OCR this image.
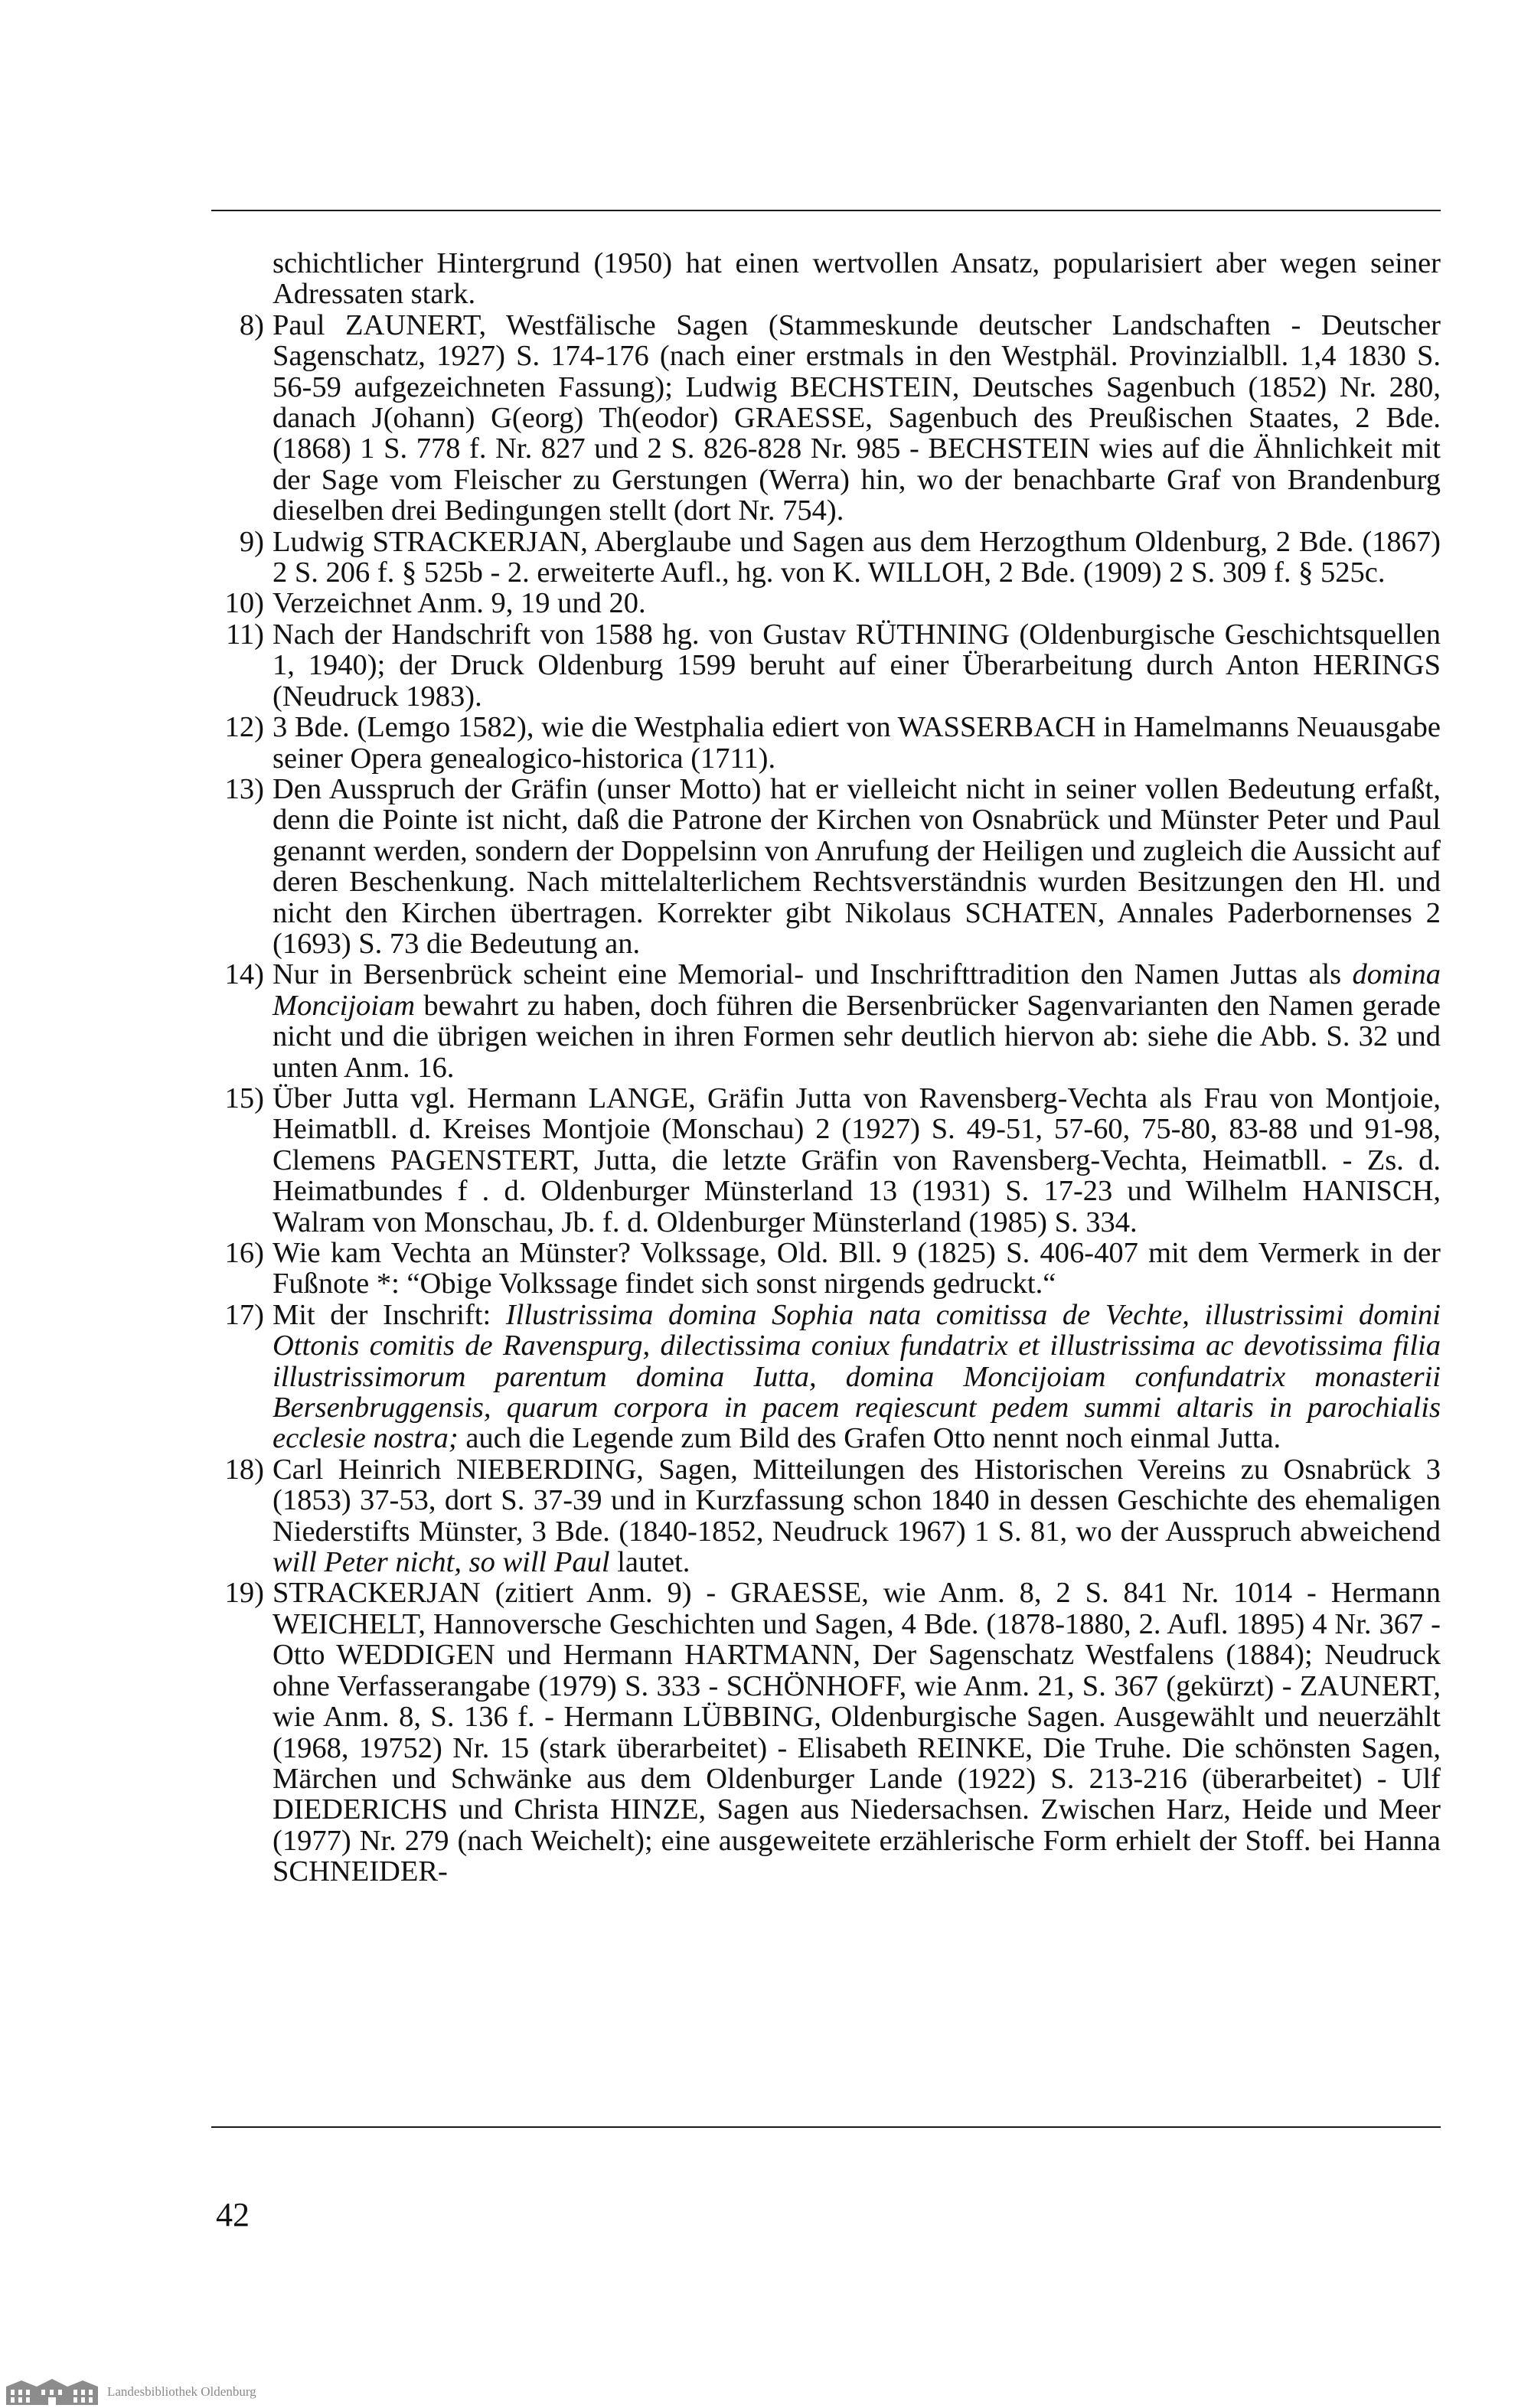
schichtlicher Hintergrund (1950) hat einen wertvollen Ansatz, popularisiert aber wegen seiner Adressaten stark.
8) Paul ZAUNERT, Westfälische Sagen (Stammeskunde deutscher Landschaften - Deutscher Sagenschatz, 1927) S. 174-176 (nach einer erstmals in den Westphäl. Provinzialbll. 1,4 1830 S. 56-59 aufgezeichneten Fassung); Ludwig BECHSTEIN, Deutsches Sagenbuch (1852) Nr. 280, danach J(ohann) G(eorg) Th(eodor) GRAESSE, Sagenbuch des Preußischen Staates, 2 Bde. (1868) 1 S. 778 f. Nr. 827 und 2 S. 826-828 Nr. 985 - BECHSTEIN wies auf die Ähnlichkeit mit der Sage vom Fleischer zu Gerstungen (Werra) hin, wo der benachbarte Graf von Brandenburg dieselben drei Bedingungen stellt (dort Nr. 754).
9) Ludwig STRACKERJAN, Aberglaube und Sagen aus dem Herzogthum Oldenburg, 2 Bde. (1867) 2 S. 206 f. § 525b - 2. erweiterte Aufl., hg. von K. WILLOH, 2 Bde. (1909) 2 S. 309 f. § 525c.
10) Verzeichnet Anm. 9, 19 und 20.
11) Nach der Handschrift von 1588 hg. von Gustav RÜTHNING (Oldenburgische Geschichtsquellen 1, 1940); der Druck Oldenburg 1599 beruht auf einer Überarbeitung durch Anton HERINGS (Neudruck 1983).
12) 3 Bde. (Lemgo 1582), wie die Westphalia ediert von WASSERBACH in Hamelmanns Neuausgabe seiner Opera genealogico-historica (1711).
13) Den Ausspruch der Gräfin (unser Motto) hat er vielleicht nicht in seiner vollen Bedeutung erfaßt, denn die Pointe ist nicht, daß die Patrone der Kirchen von Osnabrück und Münster Peter und Paul genannt werden, sondern der Doppelsinn von Anrufung der Heiligen und zugleich die Aussicht auf deren Beschenkung. Nach mittelalterlichem Rechtsverständnis wurden Besitzungen den Hl. und nicht den Kirchen übertragen. Korrekter gibt Nikolaus SCHATEN, Annales Paderbornenses 2 (1693) S. 73 die Bedeutung an.
14) Nur in Bersenbrück scheint eine Memorial- und Inschrifttradition den Namen Juttas als domina Moncijoiam bewahrt zu haben, doch führen die Bersenbrücker Sagenvarianten den Namen gerade nicht und die übrigen weichen in ihren Formen sehr deutlich hiervon ab: siehe die Abb. S. 32 und unten Anm. 16.
15) Über Jutta vgl. Hermann LANGE, Gräfin Jutta von Ravensberg-Vechta als Frau von Montjoie, Heimatbll. d. Kreises Montjoie (Monschau) 2 (1927) S. 49-51, 57-60, 75-80, 83-88 und 91-98, Clemens PAGENSTERT, Jutta, die letzte Gräfin von Ravensberg-Vechta, Heimatbll. - Zs. d. Heimatbundes f . d. Oldenburger Münsterland 13 (1931) S. 17-23 und Wilhelm HANISCH, Walram von Monschau, Jb. f. d. Oldenburger Münsterland (1985) S. 334.
16) Wie kam Vechta an Münster? Volkssage, Old. Bll. 9 (1825) S. 406-407 mit dem Vermerk in der Fußnote *: “Obige Volkssage findet sich sonst nirgends gedruckt.“
17) Mit der Inschrift: Illustrissima domina Sophia nata comitissa de Vechte, illustrissimi domini Ottonis comitis de Ravenspurg, dilectissima coniux fundatrix et illustrissima ac devotissima filia illustrissimorum parentum domina Iutta, domina Moncijoiam confundatrix monasterii Bersenbruggensis, quarum corpora in pacem reqiescunt pedem summi altaris in parochialis ecclesie nostra; auch die Legende zum Bild des Grafen Otto nennt noch einmal Jutta.
18) Carl Heinrich NIEBERDING, Sagen, Mitteilungen des Historischen Vereins zu Osnabrück 3 (1853) 37-53, dort S. 37-39 und in Kurzfassung schon 1840 in dessen Geschichte des ehemaligen Niederstifts Münster, 3 Bde. (1840-1852, Neudruck 1967) 1 S. 81, wo der Ausspruch abweichend will Peter nicht, so will Paul lautet.
19) STRACKERJAN (zitiert Anm. 9) - GRAESSE, wie Anm. 8, 2 S. 841 Nr. 1014 - Hermann WEICHELT, Hannoversche Geschichten und Sagen, 4 Bde. (1878-1880, 2. Aufl. 1895) 4 Nr. 367 - Otto WEDDIGEN und Hermann HARTMANN, Der Sagenschatz Westfalens (1884); Neudruck ohne Verfasserangabe (1979) S. 333 - SCHÖNHOFF, wie Anm. 21, S. 367 (gekürzt) - ZAUNERT, wie Anm. 8, S. 136 f. - Hermann LÜBBING, Oldenburgische Sagen. Ausgewählt und neuerzählt (1968, 19752) Nr. 15 (stark überarbeitet) - Elisabeth REINKE, Die Truhe. Die schönsten Sagen, Märchen und Schwänke aus dem Oldenburger Lande (1922) S. 213-216 (überarbeitet) - Ulf DIEDERICHS und Christa HINZE, Sagen aus Niedersachsen. Zwischen Harz, Heide und Meer (1977) Nr. 279 (nach Weichelt); eine ausgeweitete erzählerische Form erhielt der Stoff. bei Hanna SCHNEIDER-
42
Landesbibliothek Oldenburg
